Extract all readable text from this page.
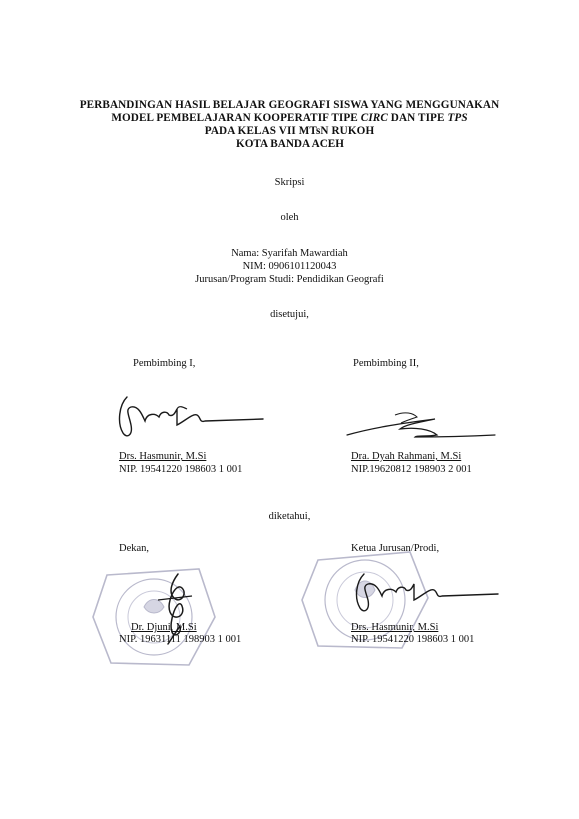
PERBANDINGAN HASIL BELAJAR GEOGRAFI SISWA YANG MENGGUNAKAN
MODEL PEMBELAJARAN KOOPERATIF TIPE CIRC DAN TIPE TPS
PADA KELAS VII MTsN RUKOH
KOTA BANDA ACEH
Skripsi
oleh
Nama: Syarifah Mawardiah
NIM: 0906101120043
Jurusan/Program Studi: Pendidikan Geografi
disetujui,
Pembimbing I,	Pembimbing II,
Drs. Hasmunir, M.Si
NIP. 19541220 198603 1 001
Dra. Dyah Rahmani, M.Si
NIP.19620812 198903 2 001
diketahui,
Dekan,	Ketua Jurusan/Prodi,
Dr. Djuni, M.Si
NIP. 19631111 198903 1 001
Drs. Hasmunir, M.Si
NIP. 19541220 198603 1 001
